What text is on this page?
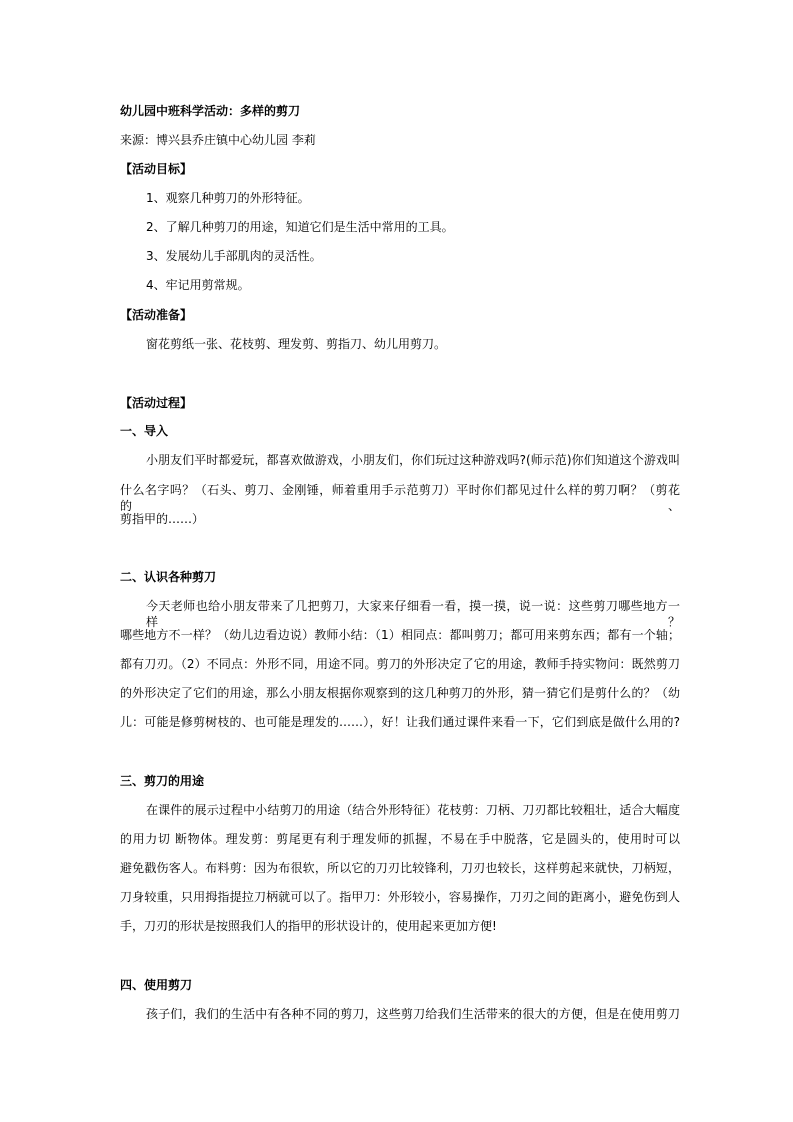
幼儿园中班科学活动：多样的剪刀
来源：博兴县乔庄镇中心幼儿园 李莉
【活动目标】
1、观察几种剪刀的外形特征。
2、了解几种剪刀的用途，知道它们是生活中常用的工具。
3、发展幼儿手部肌肉的灵活性。
4、牢记用剪常规。
【活动准备】
窗花剪纸一张、花枝剪、理发剪、剪指刀、幼儿用剪刀。
【活动过程】
一、导入
小朋友们平时都爱玩，都喜欢做游戏，小朋友们，你们玩过这种游戏吗?(师示范)你们知道这个游戏叫
什么名字吗？（石头、剪刀、金刚锤，师着重用手示范剪刀）平时你们都见过什么样的剪刀啊？（剪花的、
剪指甲的……）
二、认识各种剪刀
今天老师也给小朋友带来了几把剪刀，大家来仔细看一看，摸一摸，说一说：这些剪刀哪些地方一样？
哪些地方不一样？（幼儿边看边说）教师小结：（1）相同点：都叫剪刀；都可用来剪东西；都有一个轴；
都有刀刃。（2）不同点：外形不同，用途不同。剪刀的外形决定了它的用途，教师手持实物问：既然剪刀
的外形决定了它们的用途，那么小朋友根据你观察到的这几种剪刀的外形，猜一猜它们是剪什么的？（幼
儿：可能是修剪树枝的、也可能是理发的……），好！让我们通过课件来看一下，它们到底是做什么用的?
三、剪刀的用途
在课件的展示过程中小结剪刀的用途（结合外形特征）花枝剪：刀柄、刀刃都比较粗壮，适合大幅度
的用力切 断物体。理发剪：剪尾更有利于理发师的抓握，不易在手中脱落，它是圆头的，使用时可以
避免戳伤客人。布料剪：因为布很软，所以它的刀刃比较锋利，刀刃也较长，这样剪起来就快，刀柄短，
刀身较重，只用拇指提拉刀柄就可以了。指甲刀：外形较小，容易操作，刀刃之间的距离小，避免伤到人
手，刀刃的形状是按照我们人的指甲的形状设计的，使用起来更加方便!
四、使用剪刀
孩子们，我们的生活中有各种不同的剪刀，这些剪刀给我们生活带来的很大的方便，但是在使用剪刀
